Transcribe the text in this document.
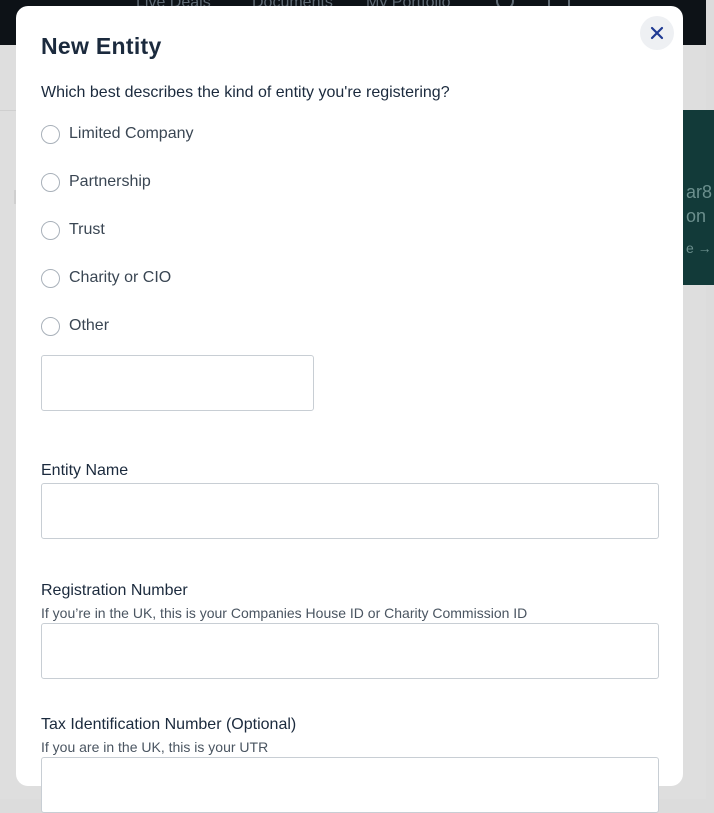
ar8
on
e →
New Entity
Which best describes the kind of entity you're registering?
Limited Company
Partnership
Trust
Charity or CIO
Other
Entity Name
Registration Number
If you’re in the UK, this is your Companies House ID or Charity Commission ID
Tax Identification Number (Optional)
If you are in the UK, this is your UTR
